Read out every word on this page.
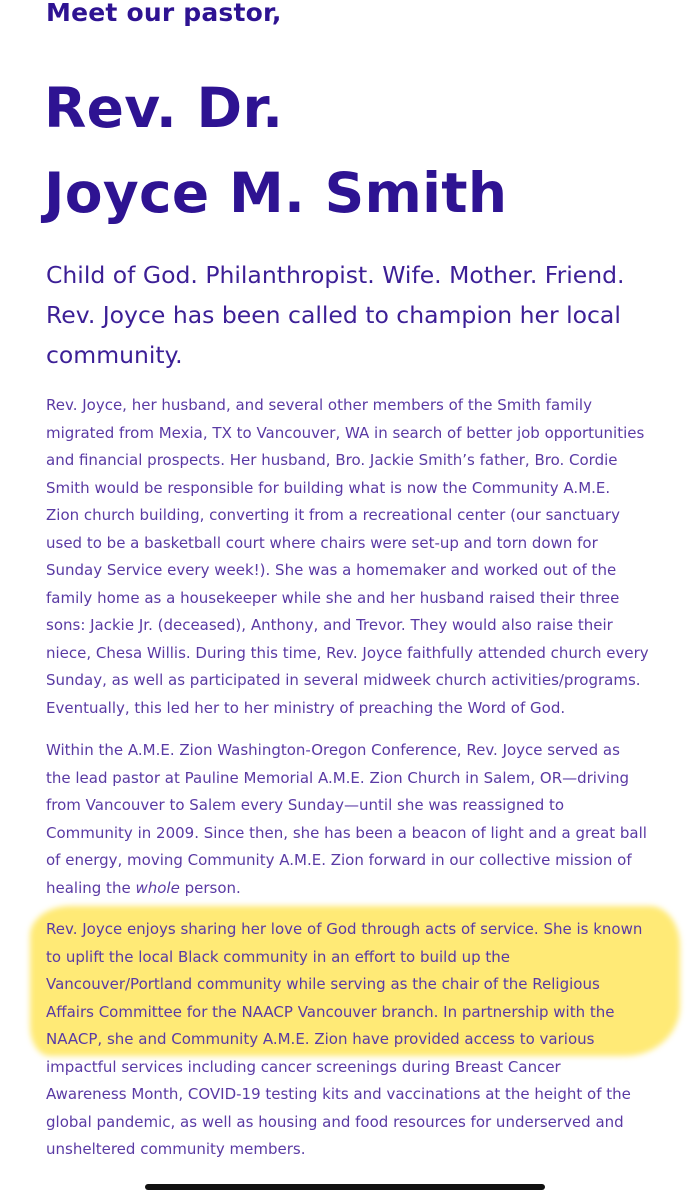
Meet our pastor,

Rev. Dr.
Joyce M. Smith

Child of God. Philanthropist. Wife. Mother. Friend.
Rev. Joyce has been called to champion her local
community.

Rev. Joyce, her husband, and several other members of the Smith family
migrated from Mexia, TX to Vancouver, WA in search of better job opportunities
and financial prospects. Her husband, Bro. Jackie Smith’s father, Bro. Cordie
Smith would be responsible for building what is now the Community A.M.E.
Zion church building, converting it from a recreational center (our sanctuary
used to be a basketball court where chairs were set-up and torn down for
Sunday Service every week!). She was a homemaker and worked out of the
family home as a housekeeper while she and her husband raised their three
sons: Jackie Jr. (deceased), Anthony, and Trevor. They would also raise their
niece, Chesa Willis. During this time, Rev. Joyce faithfully attended church every
Sunday, as well as participated in several midweek church activities/programs.
Eventually, this led her to her ministry of preaching the Word of God.

Within the A.M.E. Zion Washington-Oregon Conference, Rev. Joyce served as
the lead pastor at Pauline Memorial A.M.E. Zion Church in Salem, OR—driving
from Vancouver to Salem every Sunday—until she was reassigned to
Community in 2009. Since then, she has been a beacon of light and a great ball
of energy, moving Community A.M.E. Zion forward in our collective mission of
healing the whole person.

Rev. Joyce enjoys sharing her love of God through acts of service. She is known
to uplift the local Black community in an effort to build up the
Vancouver/Portland community while serving as the chair of the Religious
Affairs Committee for the NAACP Vancouver branch. In partnership with the
NAACP, she and Community A.M.E. Zion have provided access to various
impactful services including cancer screenings during Breast Cancer
Awareness Month, COVID-19 testing kits and vaccinations at the height of the
global pandemic, as well as housing and food resources for underserved and
unsheltered community members.
